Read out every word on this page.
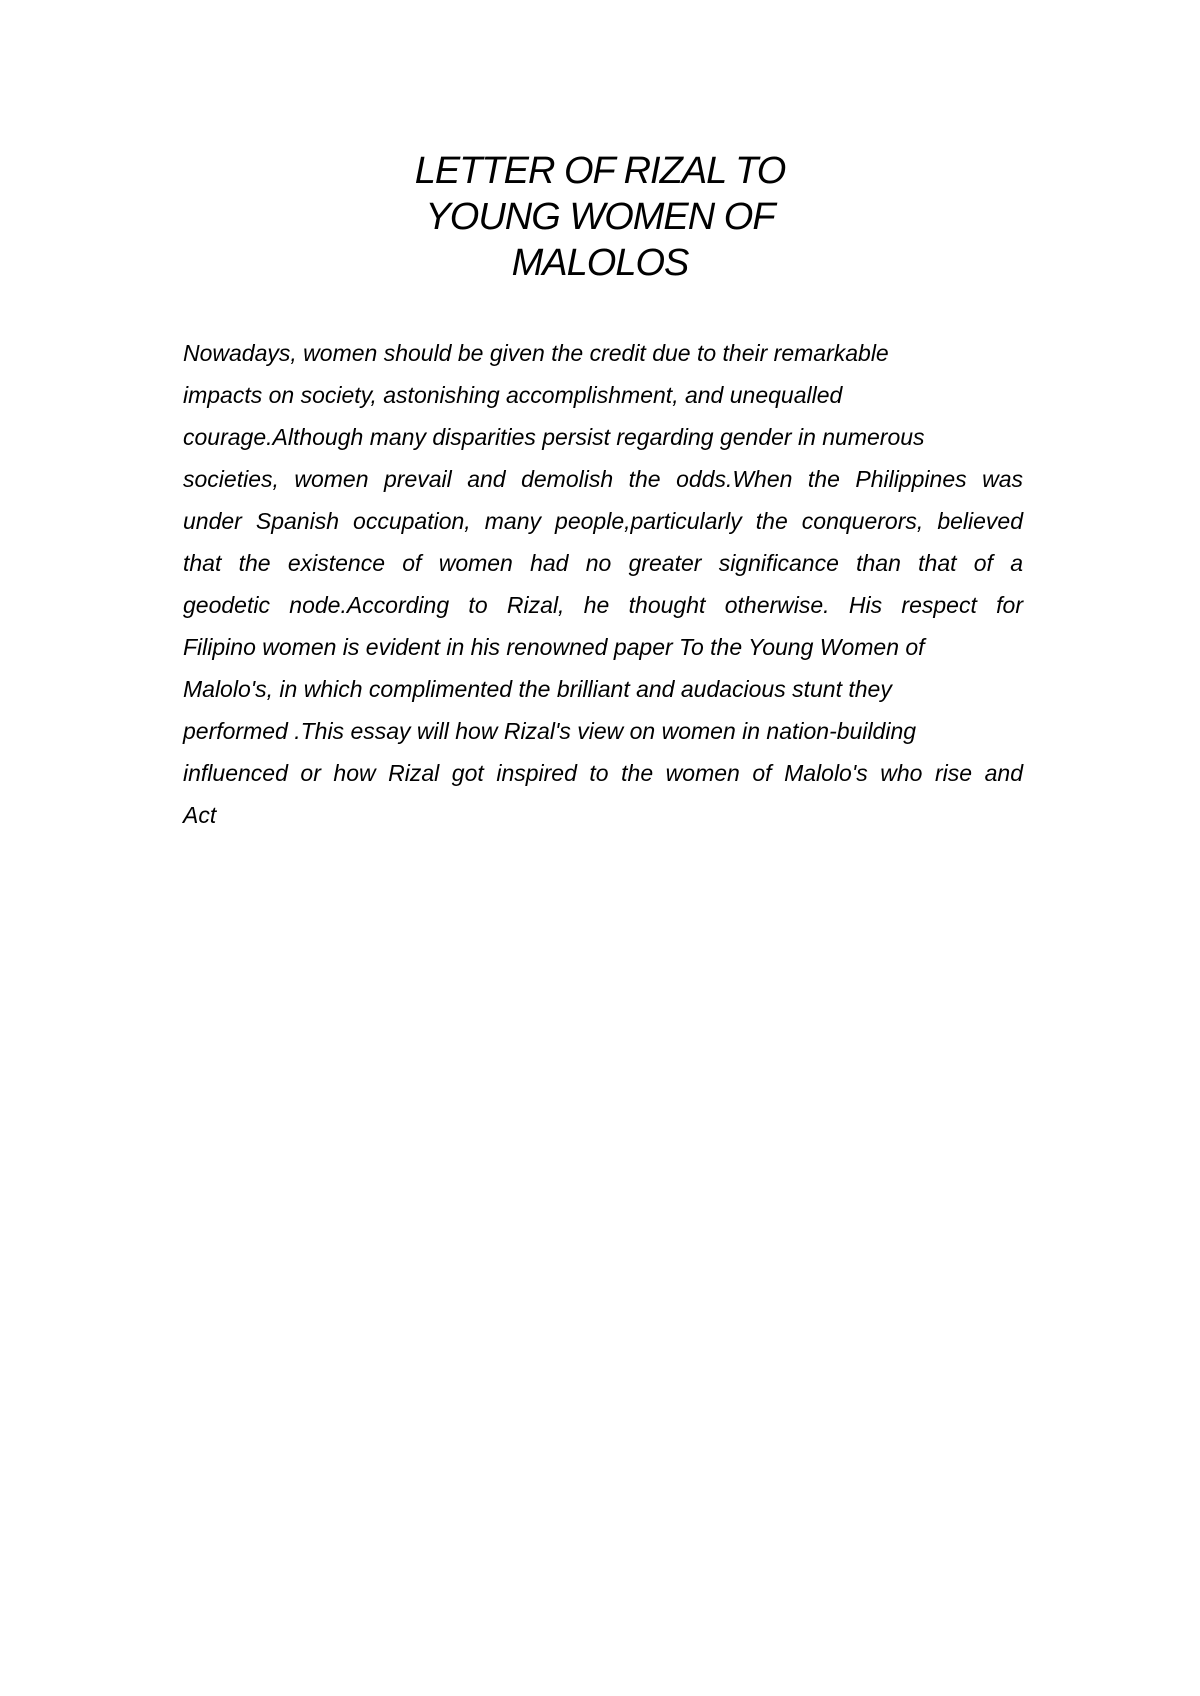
LETTER OF RIZAL TO
YOUNG WOMEN OF
MALOLOS
Nowadays, women should be given the credit due to their remarkable
impacts on society, astonishing accomplishment, and unequalled
courage.Although many disparities persist regarding gender in numerous
societies, women prevail and demolish the odds.When the Philippines was
under Spanish occupation, many people,particularly the conquerors, believed
that the existence of women had no greater significance than that of a
geodetic node.According to Rizal, he thought otherwise. His respect for
Filipino women is evident in his renowned paper To the Young Women of
Malolo's, in which complimented the brilliant and audacious stunt they
performed .This essay will how Rizal's view on women in nation-building
influenced or how Rizal got inspired to the women of Malolo's who rise and
Act
